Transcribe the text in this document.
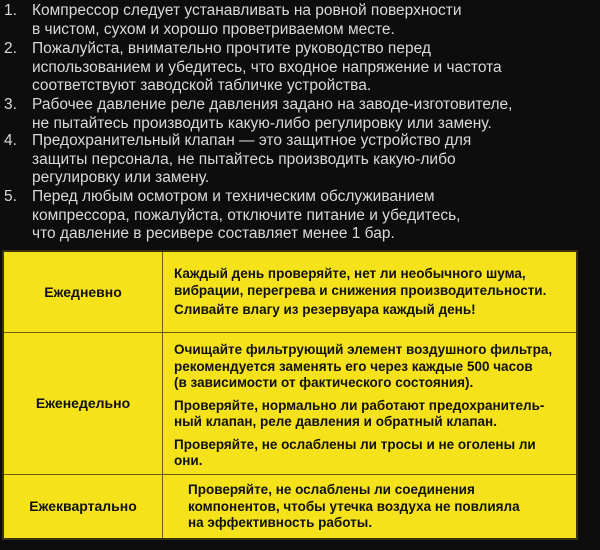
1. Компрессор следует устанавливать на ровной поверхности
в чистом, сухом и хорошо проветриваемом месте.
2. Пожалуйста, внимательно прочтите руководство перед
использованием и убедитесь, что входное напряжение и частота
соответствуют заводской табличке устройства.
3. Рабочее давление реле давления задано на заводе-изготовителе,
не пытайтесь производить какую-либо регулировку или замену.
4. Предохранительный клапан — это защитное устройство для
защиты персонала, не пытайтесь производить какую-либо
регулировку или замену.
5. Перед любым осмотром и техническим обслуживанием
компрессора, пожалуйста, отключите питание и убедитесь,
что давление в ресивере составляет менее 1 бар.
Ежедневно

Каждый день проверяйте, нет ли необычного шума,
вибрации, перегрева и снижения производительности.

Сливайте влагу из резервуара каждый день!

Еженедельно

Очищайте фильтрующий элемент воздушного фильтра,
рекомендуется заменять его через каждые 500 часов
(в зависимости от фактического состояния).

Проверяйте, нормально ли работают предохранитель-
ный клапан, реле давления и обратный клапан.

Проверяйте, не ослаблены ли тросы и не оголены ли
они.

Ежеквартально

Проверяйте, не ослаблены ли соединения
компонентов, чтобы утечка воздуха не повлияла
на эффективность работы.
